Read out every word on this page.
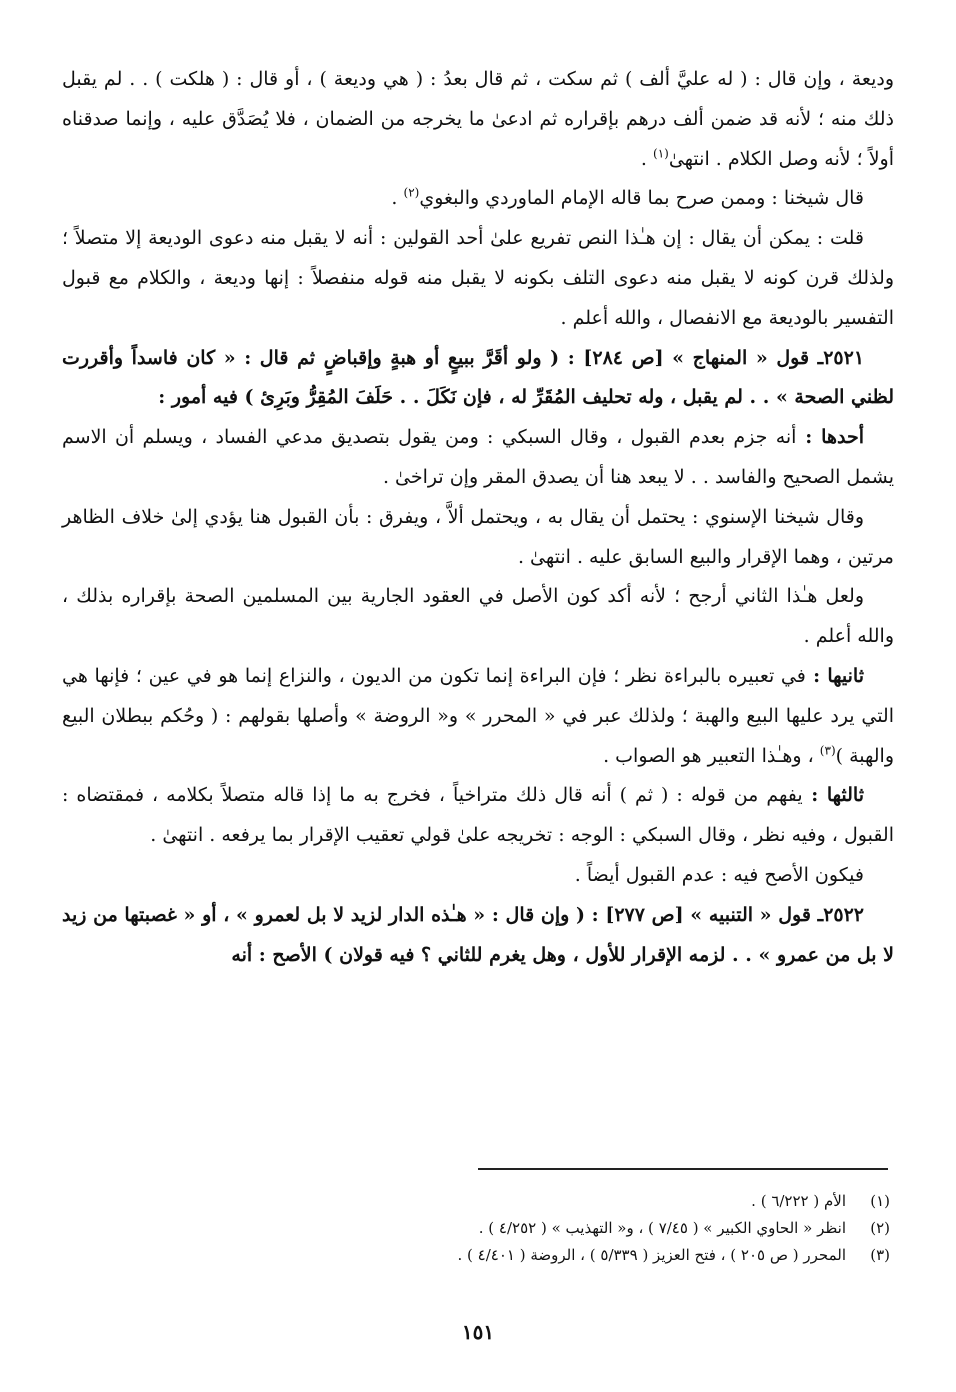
وديعة ، وإن قال : ( له عليَّ ألف ) ثم سكت ، ثم قال بعدُ : ( هي وديعة ) ، أو قال : ( هلكت ) . . لم يقبل ذلك منه ؛ لأنه قد ضمن ألف درهم بإقراره ثم ادعىٰ ما يخرجه من الضمان ، فلا يُصَدَّق عليه ، وإنما صدقناه أولاً ؛ لأنه وصل الكلام . انتهىٰ$^{(١)}$ .

قال شيخنا : وممن صرح بما قاله الإمام الماوردي والبغوي$^{(٢)}$ .

قلت : يمكن أن يقال : إن هـٰذا النص تفريع علىٰ أحد القولين : أنه لا يقبل منه دعوى الوديعة إلا متصلاً ؛ ولذلك قرن كونه لا يقبل منه دعوى التلف بكونه لا يقبل منه قوله منفصلاً : إنها وديعة ، والكلام مع قبول التفسير بالوديعة مع الانفصال ، والله أعلم .

٢٥٢١ـ قول « المنهاج » [ص ٢٨٤] : ( ولو أقَرَّ ببيعٍ أو هبةٍ وإقباضٍ ثم قال : « كان فاسداً وأقررت لظني الصحة » . . لم يقبل ، وله تحليف المُقَرِّ له ، فإن نَكَلَ . . حَلَفَ المُقِرُّ وبَرِئ ) فيه أمور :

أحدها : أنه جزم بعدم القبول ، وقال السبكي : ومن يقول بتصديق مدعي الفساد ، ويسلم أن الاسم يشمل الصحيح والفاسد . . لا يبعد هنا أن يصدق المقر وإن تراخىٰ .

وقال شيخنا الإسنوي : يحتمل أن يقال به ، ويحتمل ألاَّ ، ويفرق : بأن القبول هنا يؤدي إلىٰ خلاف الظاهر مرتين ، وهما الإقرار والبيع السابق عليه . انتهىٰ .

ولعل هـٰذا الثاني أرجح ؛ لأنه أكد كون الأصل في العقود الجارية بين المسلمين الصحة بإقراره بذلك ، والله أعلم .

ثانيها : في تعبيره بالبراءة نظر ؛ فإن البراءة إنما تكون من الديون ، والنزاع إنما هو في عين ؛ فإنها هي التي يرد عليها البيع والهبة ؛ ولذلك عبر في « المحرر » و« الروضة » وأصلها بقولهم : ( وحُكم ببطلان البيع والهبة )$^{(٣)}$ ، وهـٰذا التعبير هو الصواب .

ثالثها : يفهم من قوله : ( ثم ) أنه قال ذلك متراخياً ، فخرج به ما إذا قاله متصلاً بكلامه ، فمقتضاه : القبول ، وفيه نظر ، وقال السبكي : الوجه : تخريجه علىٰ قولي تعقيب الإقرار بما يرفعه . انتهىٰ .

فيكون الأصح فيه : عدم القبول أيضاً .

٢٥٢٢ـ قول « التنبيه » [ص ٢٧٧] : ( وإن قال : « هـٰذه الدار لزيد لا بل لعمرو » ، أو « غصبتها من زيد لا بل من عمرو » . . لزمه الإقرار للأول ، وهل يغرم للثاني ؟ فيه قولان ) الأصح : أنه

(١)الأم ( ٦/٢٢٢ ) .
(٢)انظر « الحاوي الكبير » ( ٧/٤٥ ) ، و« التهذيب » ( ٤/٢٥٢ ) .
(٣)المحرر ( ص ٢٠٥ ) ، فتح العزيز ( ٥/٣٣٩ ) ، الروضة ( ٤/٤٠١ ) .
١٥١
